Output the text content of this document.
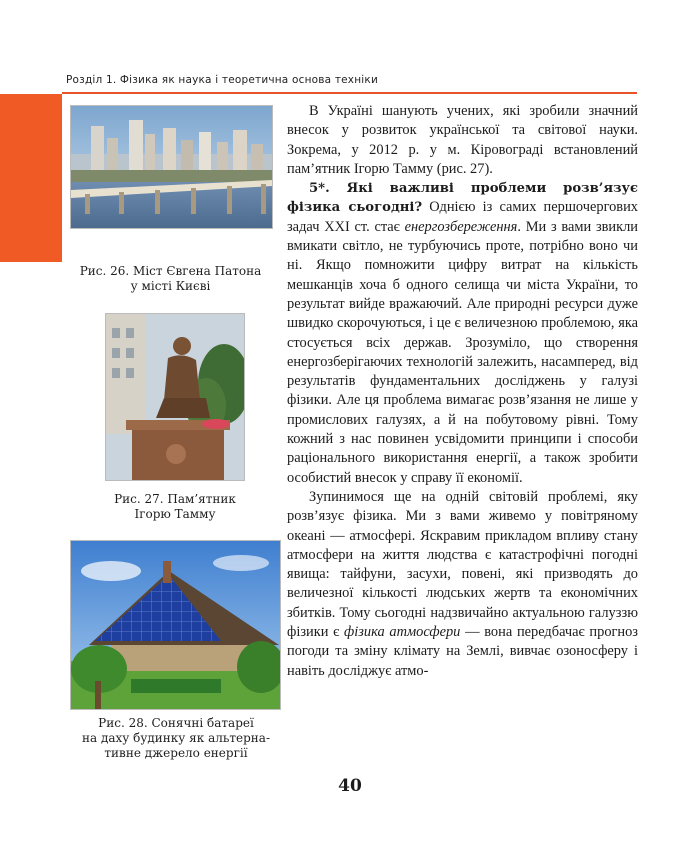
Розділ 1. Фізика як наука і теоретична основа техніки
Рис. 26. Міст Євгена Патона
у місті Києві
Рис. 27. Пам’ятник
Ігорю Тамму
Рис. 28. Сонячні батареї
на даху будинку як альтерна-
тивне джерело енергії

В Україні шанують учених, які зробили значний внесок у розвиток української та світової науки. Зокрема, у 2012 р. у м. Кіровограді встановлений пам’ятник Ігорю Тамму (рис. 27).

5*. Які важливі проблеми розв’язує фізика сьогодні? Однією із самих першочергових задач XXI ст. стає енергозбереження. Ми з вами звикли вмикати світло, не турбуючись проте, потрібно воно чи ні. Якщо помножити цифру витрат на кількість мешканців хоча б одного селища чи міста України, то результат вийде вражаючий. Але природні ресурси дуже швидко скорочуються, і це є величезною проблемою, яка стосується всіх держав. Зрозуміло, що створення енергозберігаючих технологій залежить, насамперед, від результатів фундаментальних досліджень у галузі фізики. Але ця проблема вимагає розв’язання не лише у промислових галузях, а й на побутовому рівні. Тому кожний з нас повинен усвідомити принципи і способи раціонального використання енергії, а також зробити особистий внесок у справу її економії.

Зупинимося ще на одній світовій проблемі, яку розв’язує фізика. Ми з вами живемо у повітряному океані — атмосфері. Яскравим прикладом впливу стану атмосфери на життя людства є катастрофічні погодні явища: тайфуни, засухи, повені, які призводять до величезної кількості людських жертв та економічних збитків. Тому сьогодні надзвичайно актуальною галуззю фізики є фізика атмосфери — вона передбачає прогноз погоди та зміну клімату на Землі, вивчає озоносферу і навіть досліджує атмо-

40
